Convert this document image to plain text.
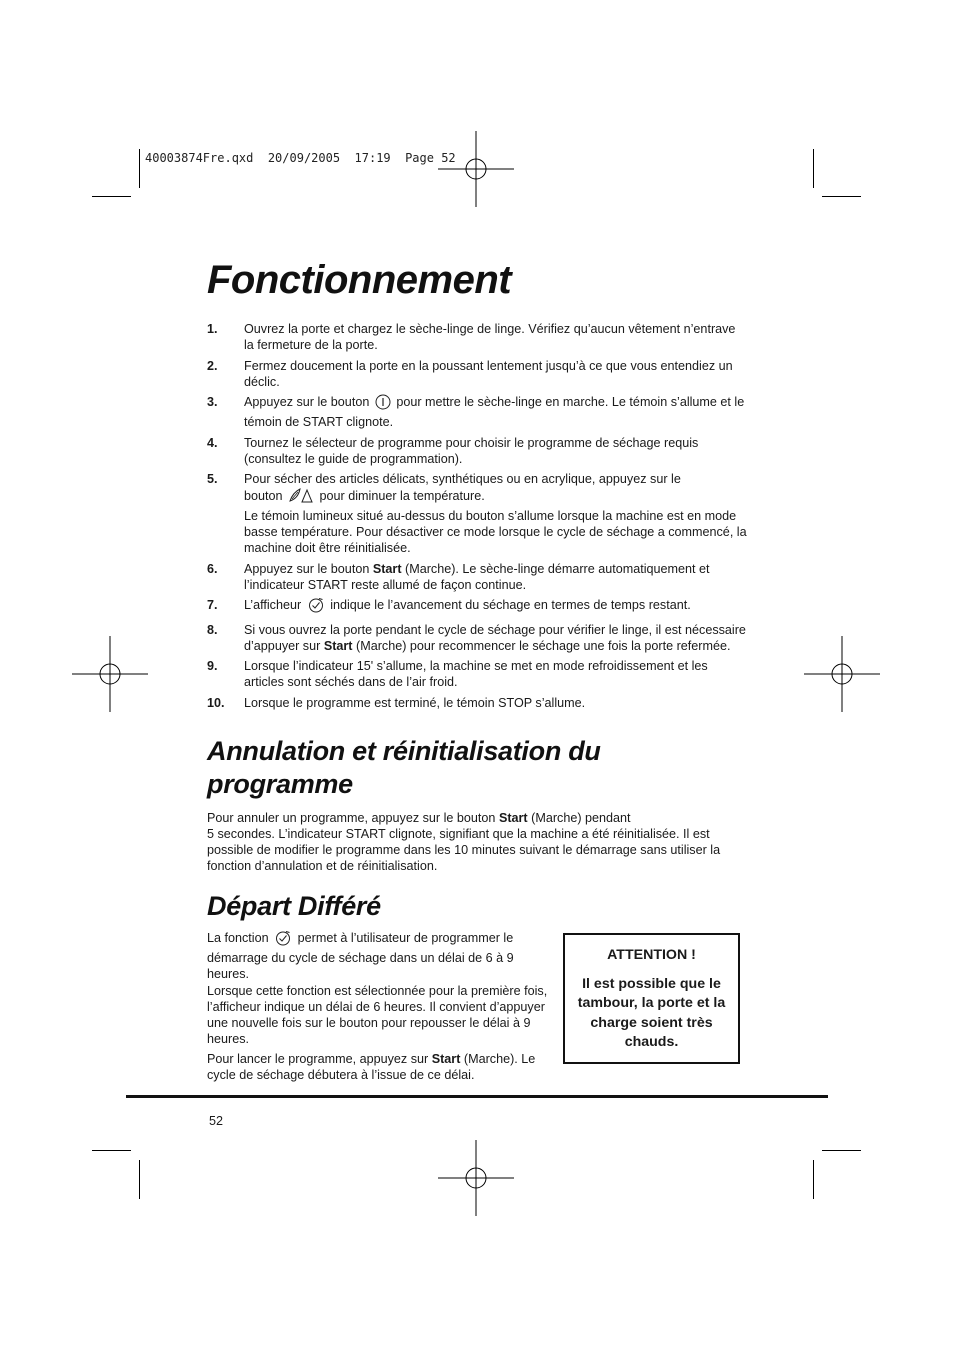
40003874Fre.qxd  20/09/2005  17:19  Page 52
Fonctionnement
1. Ouvrez la porte et chargez le sèche-linge de linge. Vérifiez qu’aucun vêtement n’entrave la fermeture de la porte.
2. Fermez doucement la porte en la poussant lentement jusqu’à ce que vous entendiez un déclic.
3. Appuyez sur le bouton pour mettre le sèche-linge en marche. Le témoin s’allume et le témoin de START clignote.
4. Tournez le sélecteur de programme pour choisir le programme de séchage requis (consultez le guide de programmation).
5. Pour sécher des articles délicats, synthétiques ou en acrylique, appuyez sur le
bouton	pour diminuer la température.
Le témoin lumineux situé au-dessus du bouton s’allume lorsque la machine est en mode basse température. Pour désactiver ce mode lorsque le cycle de séchage a commencé, la machine doit être réinitialisée.
6. Appuyez sur le bouton Start (Marche). Le sèche-linge démarre automatiquement et l’indicateur START reste allumé de façon continue.
7. L’afficheur indique le l’avancement du séchage en termes de temps restant.
8. Si vous ouvrez la porte pendant le cycle de séchage pour vérifier le linge, il est nécessaire d’appuyer sur Start (Marche) pour recommencer le séchage une fois la porte refermée.
9. Lorsque l’indicateur 15' s’allume, la machine se met en mode refroidissement et les articles sont séchés dans de l’air froid.
10. Lorsque le programme est terminé, le témoin STOP s’allume.
Annulation et réinitialisation du
programme

Pour annuler un programme, appuyez sur le bouton Start (Marche) pendant
5 secondes. L’indicateur START clignote, signifiant que la machine a été réinitialisée. Il est possible de modifier le programme dans les 10 minutes suivant le démarrage sans utiliser la fonction d’annulation et de réinitialisation.

Départ Différé

La fonction permet à l’utilisateur de programmer le démarrage du cycle de séchage dans un délai de 6 à 9 heures.

Lorsque cette fonction est sélectionnée pour la première fois, l’afficheur indique un délai de 6 heures. Il convient d’appuyer une nouvelle fois sur le bouton pour repousser le délai à 9 heures.

Pour lancer le programme, appuyez sur Start (Marche). Le cycle de séchage débutera à l’issue de ce délai.

ATTENTION !
Il est possible que le tambour, la porte et la charge soient très chauds.
52
